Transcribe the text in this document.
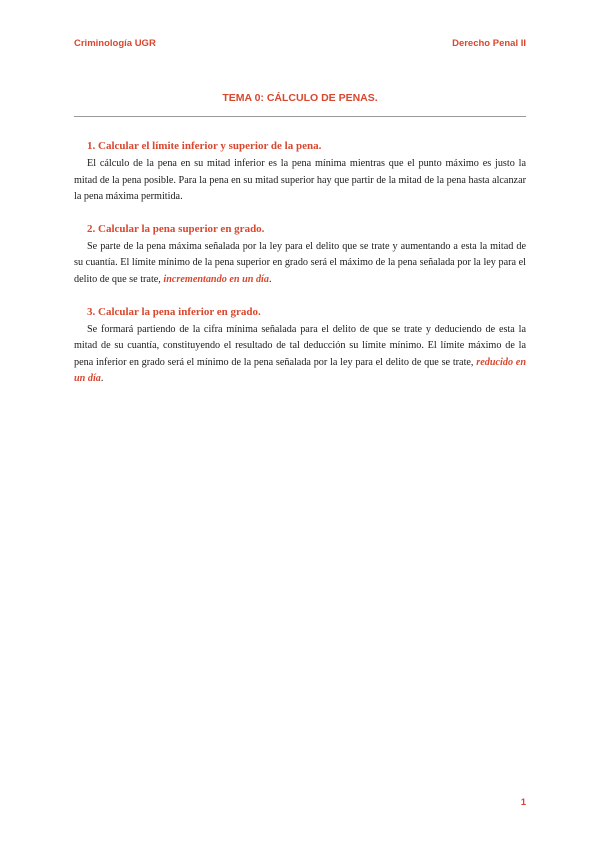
Criminología UGR	Derecho Penal II
TEMA 0: CÁLCULO DE PENAS.

1. Calcular el límite inferior y superior de la pena.

El cálculo de la pena en su mitad inferior es la pena mínima mientras que el punto máximo es justo la mitad de la pena posible. Para la pena en su mitad superior hay que partir de la mitad de la pena hasta alcanzar la pena máxima permitida.

2. Calcular la pena superior en grado.

Se parte de la pena máxima señalada por la ley para el delito que se trate y aumentando a esta la mitad de su cuantía. El límite mínimo de la pena superior en grado será el máximo de la pena señalada por la ley para el delito de que se trate, incrementando en un día.

3. Calcular la pena inferior en grado.

Se formará partiendo de la cifra mínima señalada para el delito de que se trate y deduciendo de esta la mitad de su cuantía, constituyendo el resultado de tal deducción su límite mínimo. El límite máximo de la pena inferior en grado será el mínimo de la pena señalada por la ley para el delito de que se trate, reducido en un día.

1
